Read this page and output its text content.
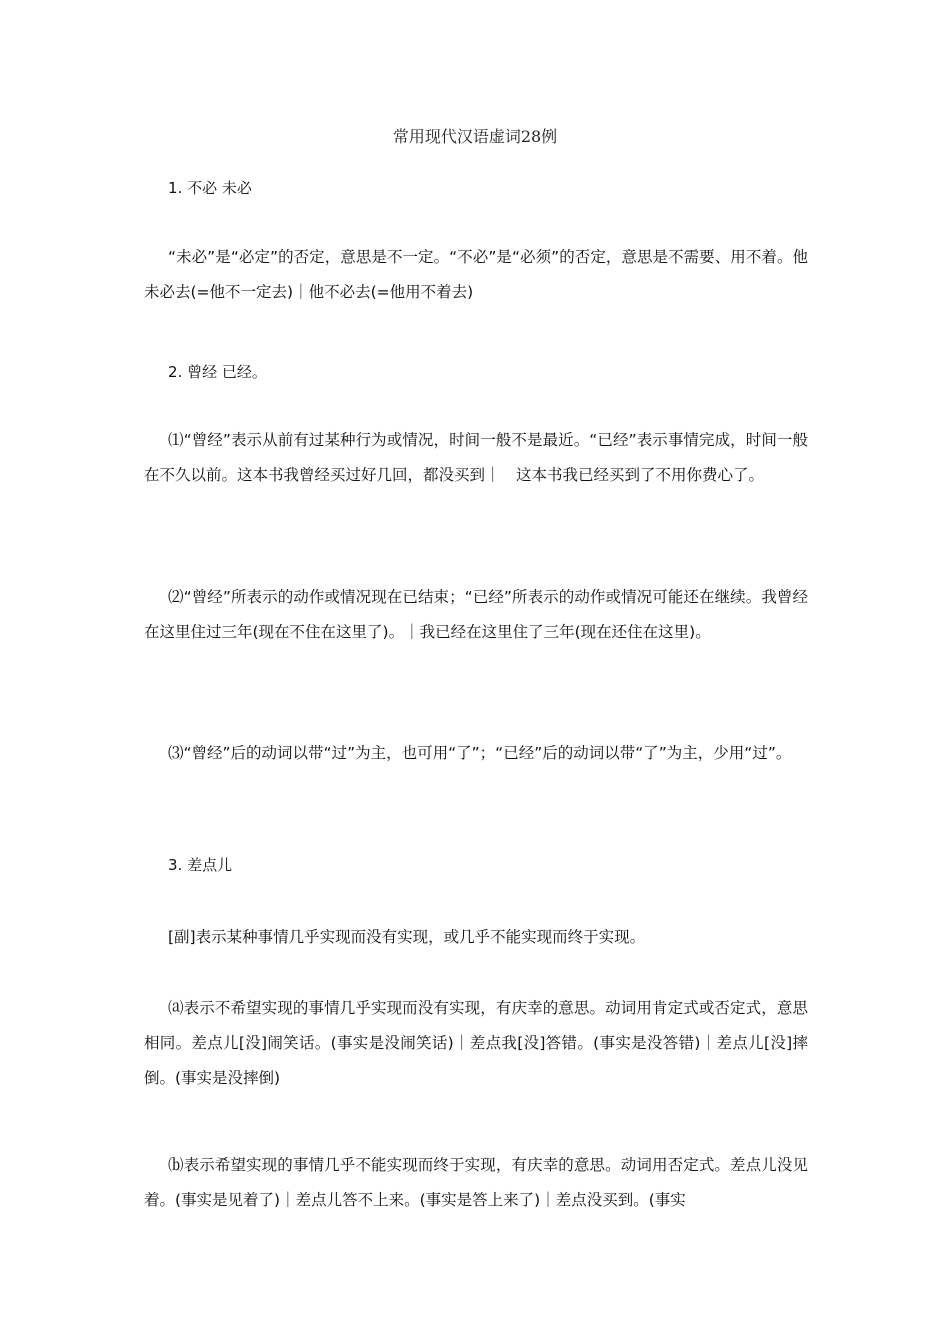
常用现代汉语虚词28例
1. 不必 未必
“未必”是“必定”的否定，意思是不一定。“不必”是“必须”的否定，意思是不需要、用不着。他未必去(=他不一定去)｜他不必去(=他用不着去)
2. 曾经 已经。
⑴“曾经”表示从前有过某种行为或情况，时间一般不是最近。“已经”表示事情完成，时间一般在不久以前。这本书我曾经买过好几回，都没买到｜　这本书我已经买到了不用你费心了。
⑵“曾经”所表示的动作或情况现在已结束；“已经”所表示的动作或情况可能还在继续。我曾经在这里住过三年(现在不住在这里了)。｜我已经在这里住了三年(现在还住在这里)。
⑶“曾经”后的动词以带“过”为主，也可用“了”；“已经”后的动词以带“了”为主，少用“过”。
3. 差点儿
[副]表示某种事情几乎实现而没有实现，或几乎不能实现而终于实现。
⒜表示不希望实现的事情几乎实现而没有实现，有庆幸的意思。动词用肯定式或否定式，意思相同。差点儿[没]闹笑话。(事实是没闹笑话)｜差点我[没]答错。(事实是没答错)｜差点儿[没]摔倒。(事实是没摔倒)
⒝表示希望实现的事情几乎不能实现而终于实现，有庆幸的意思。动词用否定式。差点儿没见着。(事实是见着了)｜差点儿答不上来。(事实是答上来了)｜差点没买到。(事实
